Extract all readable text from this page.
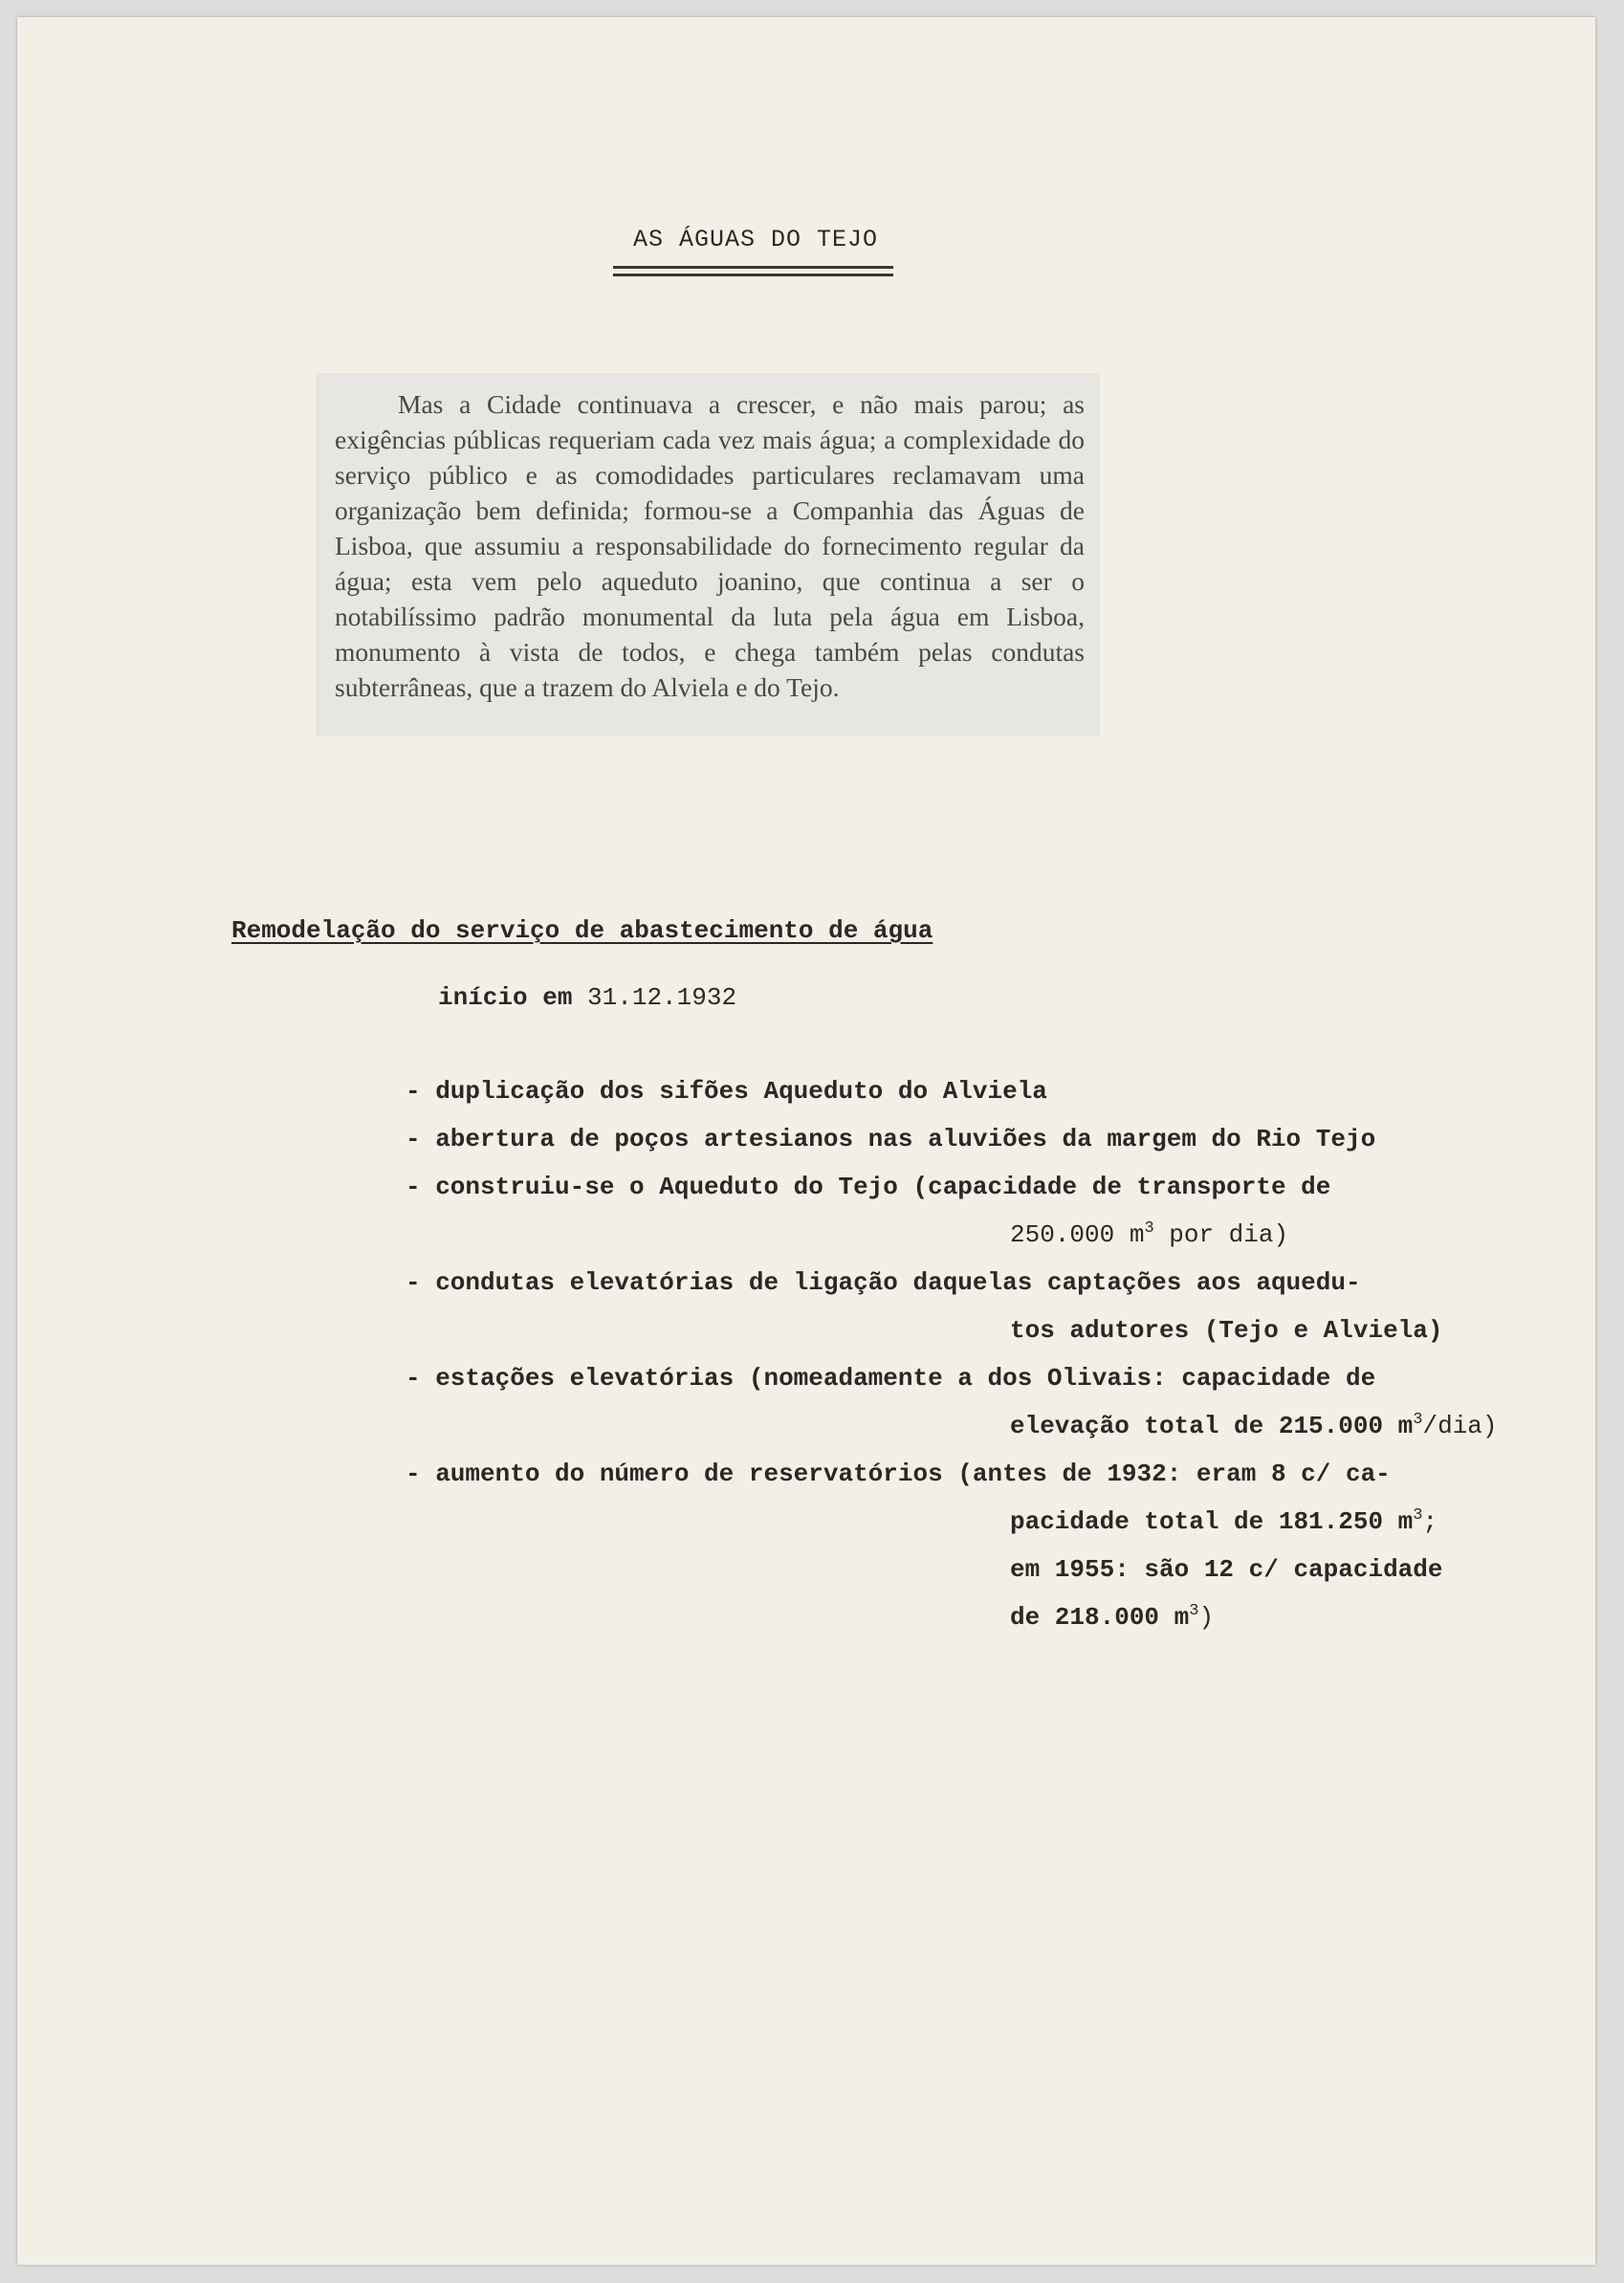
AS ÁGUAS DO TEJO

Mas a Cidade continuava a crescer, e não mais parou; as exigências públicas requeriam cada vez mais água; a complexidade do serviço público e as comodidades particulares reclamavam uma organização bem definida; formou-se a Companhia das Águas de Lisboa, que assumiu a responsabilidade do fornecimento regular da água; esta vem pelo aqueduto joanino, que continua a ser o notabilíssimo padrão monumental da luta pela água em Lisboa, monumento à vista de todos, e chega também pelas condutas subterrâneas, que a trazem do Alviela e do Tejo.

Remodelação do serviço de abastecimento de água
início em 31.12.1932
- duplicação dos sifões Aqueduto do Alviela
- abertura de poços artesianos nas aluviões da margem do Rio Tejo
- construiu-se o Aqueduto do Tejo (capacidade de transporte de
250.000 $m^3$ por dia)
- condutas elevatórias de ligação daquelas captações aos aquedu-
tos adutores (Tejo e Alviela)
- estações elevatórias (nomeadamente a dos Olivais: capacidade de
elevação total de 215.000 $m^3/dia$)
- aumento do número de reservatórios (antes de 1932: eram 8 c/ ca-
pacidade total de 181.250 $m^3$;
em 1955: são 12 c/ capacidade
de 218.000 $m^3$)
